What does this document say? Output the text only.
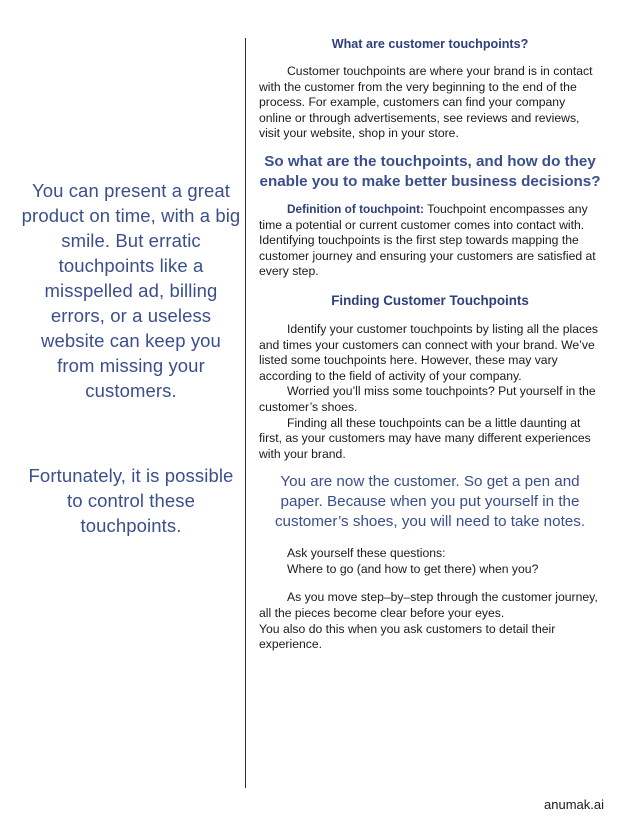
You can present a great product on time, with a big smile. But erratic touchpoints like a misspelled ad, billing errors, or a useless website can keep you from missing your customers.
Fortunately, it is possible to control these touchpoints.
What are customer touchpoints?

Customer touchpoints are where your brand is in contact with the customer from the very beginning to the end of the process. For example, customers can find your company online or through advertisements, see reviews and reviews, visit your website, shop in your store.

So what are the touchpoints, and how do they enable you to make better business decisions?

Definition of touchpoint: Touchpoint encompasses any time a potential or current customer comes into contact with. Identifying touchpoints is the first step towards mapping the customer journey and ensuring your customers are satisfied at every step.

Finding Customer Touchpoints

Identify your customer touchpoints by listing all the places and times your customers can connect with your brand. We’ve listed some touchpoints here. However, these may vary according to the field of activity of your company.

Worried you’ll miss some touchpoints? Put yourself in the customer’s shoes.

Finding all these touchpoints can be a little daunting at first, as your customers may have many different experiences with your brand.

You are now the customer. So get a pen and paper. Because when you put yourself in the customer’s shoes, you will need to take notes.

Ask yourself these questions:

Where to go (and how to get there) when you?

As you move step–by–step through the customer journey, all the pieces become clear before your eyes.

You also do this when you ask customers to detail their experience.

anumak.ai
